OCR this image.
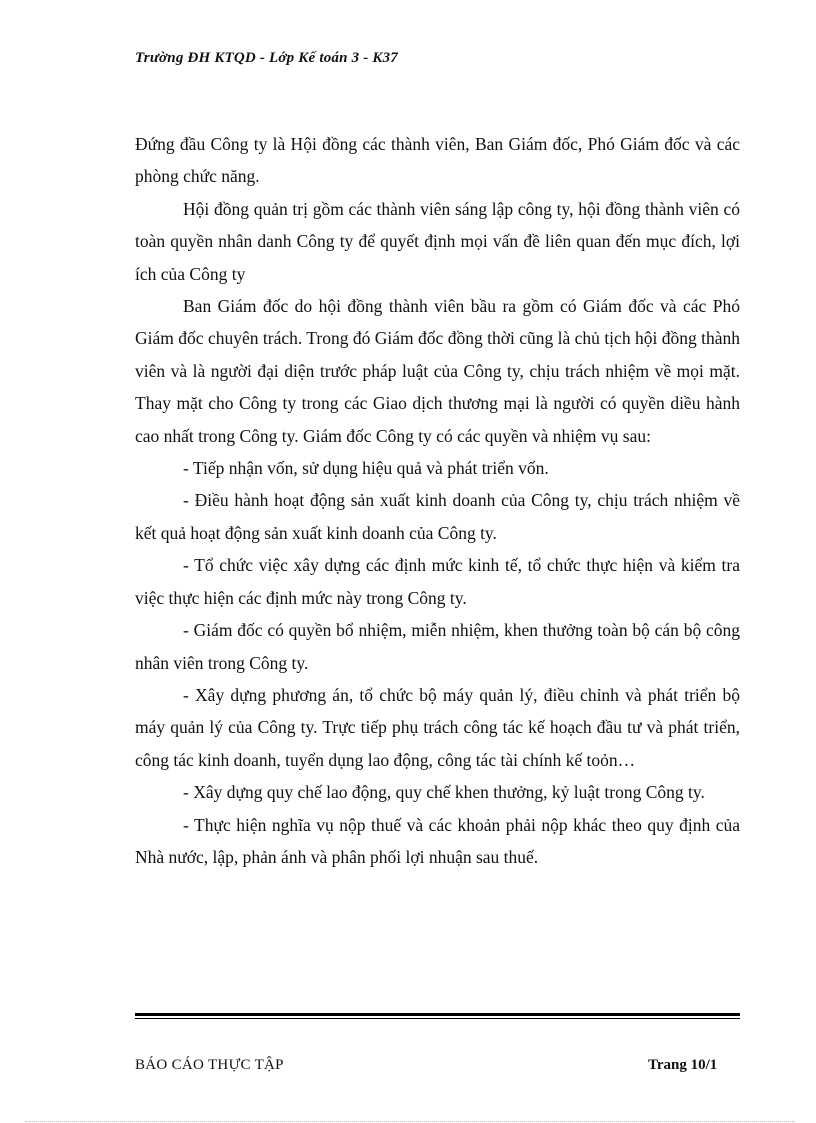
Trường ĐH KTQD - Lớp Kế toán 3 - K37

Đứng đầu Công ty là Hội đồng các thành viên, Ban Giám đốc, Phó Giám đốc và các phòng chức năng.

Hội đồng quản trị gồm các thành viên sáng lập công ty, hội đồng thành viên có toàn quyền nhân danh Công ty để quyết định mọi vấn đề liên quan đến mục đích, lợi ích của Công ty

Ban Giám đốc do hội đồng thành viên bầu ra gồm có Giám đốc và các Phó Giám đốc chuyên trách. Trong đó Giám đốc đồng thời cũng là chủ tịch hội đồng thành viên và là người đại diện trước pháp luật của Công ty, chịu trách nhiệm về mọi mặt. Thay mặt cho Công ty trong các Giao dịch thương mại là người có quyền diều hành cao nhất trong Công ty. Giám đốc Công ty có các quyền và nhiệm vụ sau:

- Tiếp nhận vốn, sử dụng hiệu quả và phát triển vốn.

- Điều hành hoạt động sản xuất kinh doanh của Công ty, chịu trách nhiệm về kết quả hoạt động sản xuất kinh doanh của Công ty.

- Tổ chức việc xây dựng các định mức kinh tế, tổ chức thực hiện và kiểm tra việc thực hiện các định mức này trong Công ty.

- Giám đốc có quyền bổ nhiệm, miễn nhiệm, khen thưởng toàn bộ cán bộ công nhân viên trong Công ty.

- Xây dựng phương án, tổ chức bộ máy quản lý, điều chỉnh và phát triển bộ máy quản lý của Công ty. Trực tiếp phụ trách công tác kế hoạch đầu tư và phát triển, công tác kinh doanh, tuyển dụng lao động, công tác tài chính kế toỏn…

- Xây dựng quy chế lao động, quy chế khen thưởng, kỷ luật trong Công ty.

- Thực hiện nghĩa vụ nộp thuế và các khoản phải nộp khác theo quy định của Nhà nước, lập, phản ánh và phân phối lợi nhuận sau thuế.

BÁO CÁO THỰC TẬP	Trang 10/1
